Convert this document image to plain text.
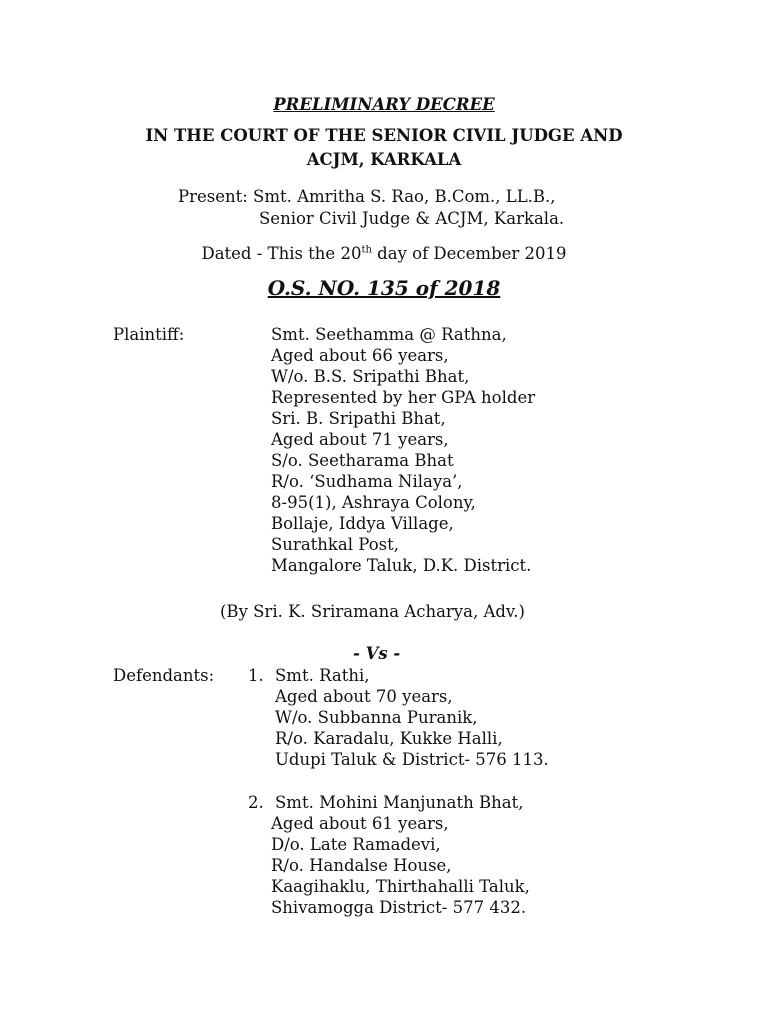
PRELIMINARY DECREE
IN THE COURT OF THE SENIOR CIVIL JUDGE AND
ACJM, KARKALA
Present: Smt. Amritha S. Rao, B.Com., LL.B.,
Senior Civil Judge & ACJM, Karkala.
Dated - This the 20th day of December 2019
O.S. NO. 135 of 2018
Plaintiff:	Smt. Seethamma @ Rathna,
Aged about 66 years,
W/o. B.S. Sripathi Bhat,
Represented by her GPA holder
Sri. B. Sripathi Bhat,
Aged about 71 years,
S/o. Seetharama Bhat
R/o. ‘Sudhama Nilaya’,
8-95(1), Ashraya Colony,
Bollaje, Iddya Village,
Surathkal Post,
Mangalore Taluk, D.K. District.
(By Sri. K. Sriramana Acharya, Adv.)
- Vs -
Defendants: 1. Smt. Rathi,
Aged about 70 years,
W/o. Subbanna Puranik,
R/o. Karadalu, Kukke Halli,
Udupi Taluk & District- 576 113.
2. Smt. Mohini Manjunath Bhat,
Aged about 61 years,
D/o. Late Ramadevi,
R/o. Handalse House,
Kaagihaklu, Thirthahalli Taluk,
Shivamogga District- 577 432.
